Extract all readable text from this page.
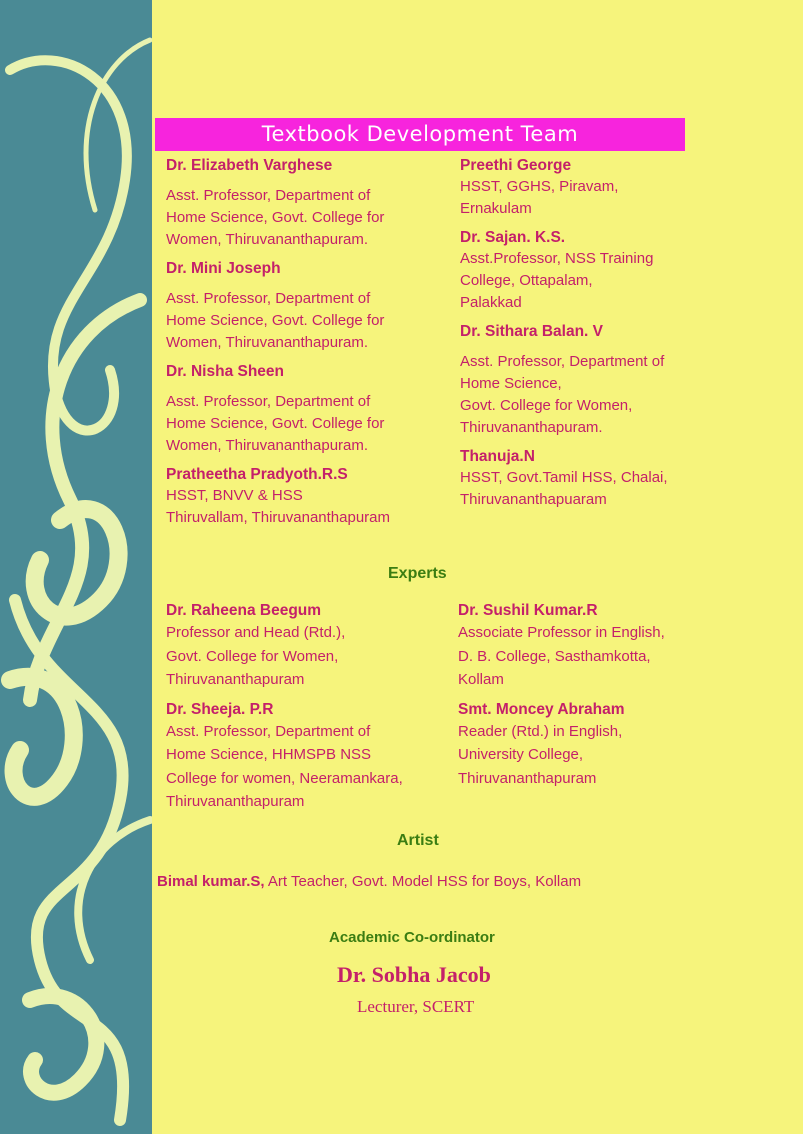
Textbook Development Team

Dr. Elizabeth Varghese

Asst. Professor, Department of
Home Science, Govt. College for
Women, Thiruvananthapuram.

Dr. Mini Joseph

Asst. Professor, Department of
Home Science, Govt. College for
Women, Thiruvananthapuram.

Dr. Nisha Sheen

Asst. Professor, Department of
Home Science, Govt. College for
Women, Thiruvananthapuram.

Pratheetha Pradyoth.R.S

HSST, BNVV & HSS
Thiruvallam, Thiruvananthapuram

Preethi George

HSST, GGHS, Piravam,
Ernakulam

Dr. Sajan. K.S.

Asst.Professor, NSS Training
College, Ottapalam,
Palakkad

Dr. Sithara Balan. V

Asst. Professor, Department of
Home Science,
Govt. College for Women,
Thiruvananthapuram.

Thanuja.N

HSST, Govt.Tamil HSS, Chalai,
Thiruvananthapuaram

Experts

Dr. Raheena Beegum

Professor and Head (Rtd.),
Govt. College for Women,
Thiruvananthapuram

Dr. Sheeja. P.R

Asst. Professor, Department of
Home Science, HHMSPB NSS
College for women, Neeramankara,
Thiruvananthapuram

Dr. Sushil Kumar.R

Associate Professor in English,
D. B. College, Sasthamkotta,
Kollam

Smt. Moncey Abraham

Reader (Rtd.) in English,
University College,
Thiruvananthapuram

Artist
Bimal kumar.S, Art Teacher, Govt. Model HSS for Boys, Kollam
Academic Co-ordinator
Dr. Sobha Jacob
Lecturer, SCERT
